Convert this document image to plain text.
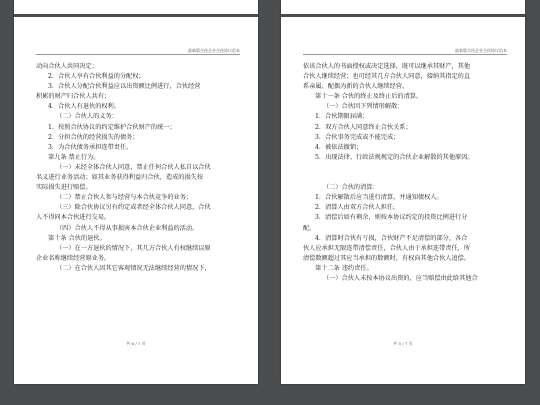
最新版合伙企业合伙协议范本
动向合伙人共同决定；
2．合伙人享有合伙利益的分配权；
3．合伙人分配合伙利益应以出资额比例进行，合伙经营
积累的财产归合伙人共有；
4．合伙人有退伙的权利。
（二）合伙人的义务：
1．按照合伙协议的约定维护合伙财产的统一；
2．分担合伙的经营损失的债务；
3．为合伙债务承担连带责任。
第九条 禁止行为。
（一）未经全体合伙人同意，禁止任何合伙人私自以合伙
名义进行业务活动；如其业务获得利益归合伙，造成的损失按
实际损失进行赔偿。
（二）禁止合伙人参与经营与本合伙竞争的业务；
（三）除合伙协议另有约定或者经全体合伙人同意，合伙
人不得同本合伙进行交易。
（四）合伙人不得从事损害本合伙企业利益的活动。
第十条 合伙的退伙。
（一）在一方退伙的情况下，其几方合伙人有权继续以原
企业名称继续经营原业务。
（二）在合伙人因其它客观情况无法继续经营的情况下，
共 6 / 7 页
最新版合伙企业合伙协议范本
依该合伙人的书面授权或决定选择，既可以继承其财产，其他
合伙人继续经营；也可经其几方合伙人同意，接纳其指定的直
系亲属、配偶为新的合伙人继续经营。
第十一条 合伙的终止及终止后的清算。
（一）合伙因下列情形解散：
1．合伙期限届满；
2．双方合伙人同意终止合伙关系；
3．合伙事务完成或不能完成；
4．被依法撤销；
5．出现法律、行政法规规定的合伙企业解散的其他原因。
（二）合伙的清算：
1．合伙解散后应当进行清算，并通知债权人。
2．清算人由双方合伙人担任。
3．清偿后如有剩余，则按本协议约定的投资比例进行分
配。
4．清算时合伙有亏损，合伙财产不足清偿的部分，各合
伙人应承担无限连带清偿责任，合伙人由于承担连带责任，所
清偿数额超过其应当承担的数额时，有权向其他合伙人追偿。
第十二条 违约责任。
（一）合伙人未按本协议出资的，应当赔偿由此给其他合
共 5 / 7 页
